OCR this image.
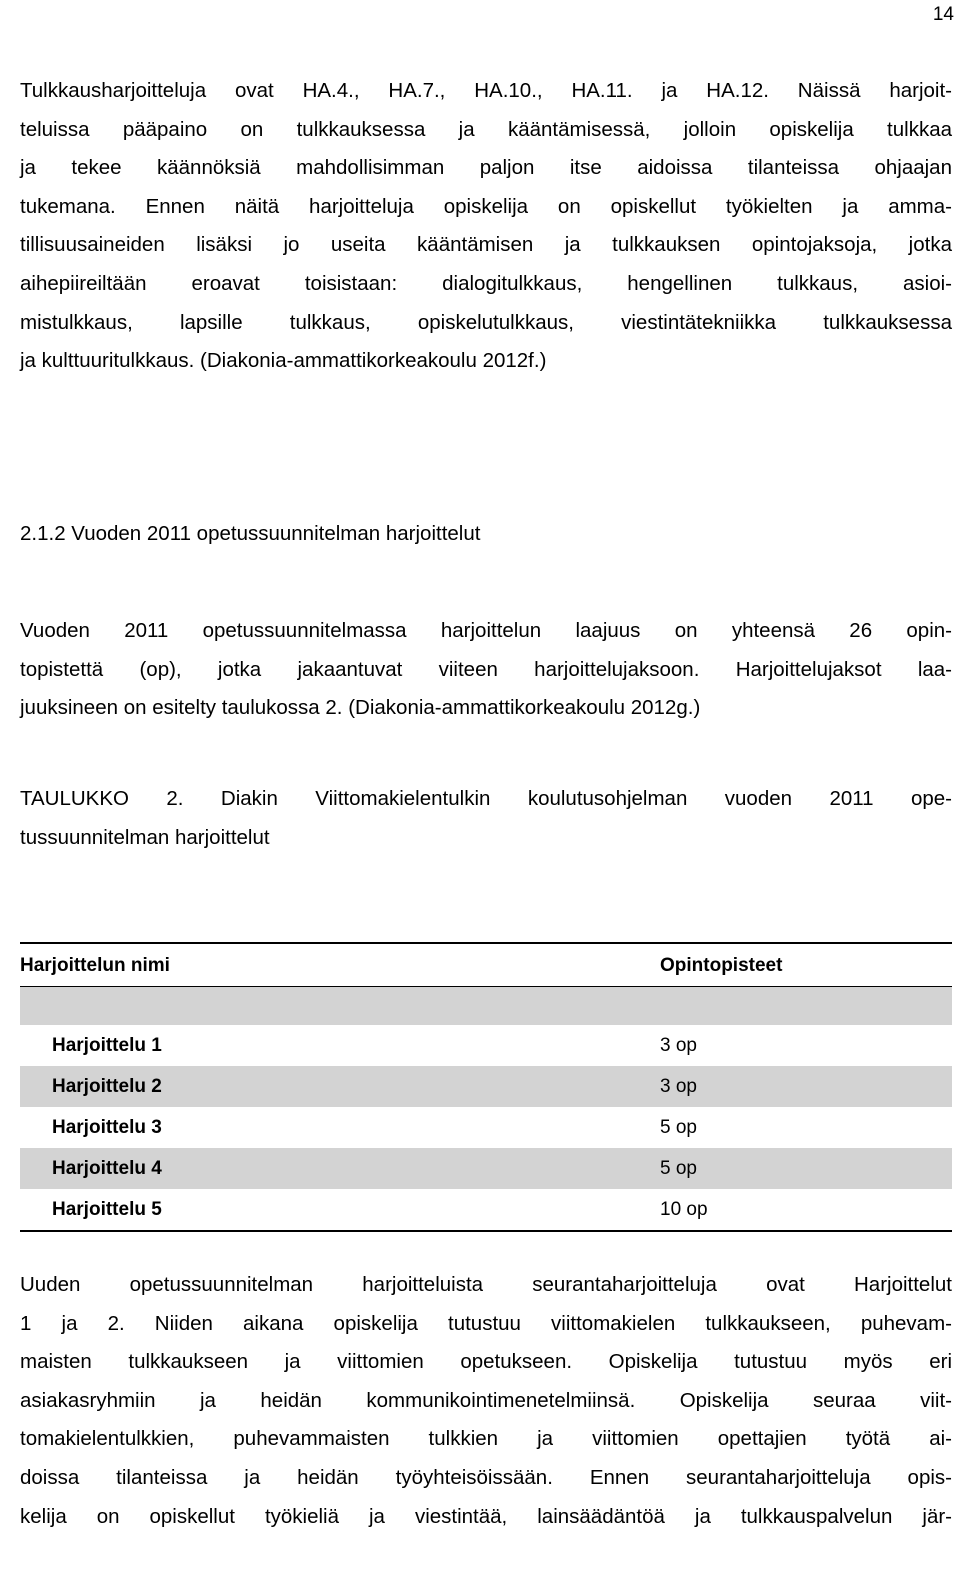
14

Tulkkausharjoitteluja ovat HA.4., HA.7., HA.10., HA.11. ja HA.12. Näissä harjoit-
teluissa pääpaino on tulkkauksessa ja kääntämisessä, jolloin opiskelija tulkkaa
ja tekee käännöksiä mahdollisimman paljon itse aidoissa tilanteissa ohjaajan
tukemana. Ennen näitä harjoitteluja opiskelija on opiskellut työkielten ja amma-
tillisuusaineiden lisäksi jo useita kääntämisen ja tulkkauksen opintojaksoja, jotka
aihepiireiltään eroavat toisistaan: dialogitulkkaus, hengellinen tulkkaus, asioi-
mistulkkaus, lapsille tulkkaus, opiskelutulkkaus, viestintätekniikka tulkkauksessa
ja kulttuuritulkkaus. (Diakonia-ammattikorkeakoulu 2012f.)

2.1.2 Vuoden 2011 opetussuunnitelman harjoittelut

Vuoden 2011 opetussuunnitelmassa harjoittelun laajuus on yhteensä 26 opin-
topistettä (op), jotka jakaantuvat viiteen harjoittelujaksoon. Harjoittelujaksot laa-
juuksineen on esitelty taulukossa 2. (Diakonia-ammattikorkeakoulu 2012g.)

TAULUKKO 2. Diakin Viittomakielentulkin koulutusohjelman vuoden 2011 ope-
tussuunnitelman harjoittelut

Harjoittelun nimi	Opintopisteet

Harjoittelu 1	3 op
Harjoittelu 2	3 op
Harjoittelu 3	5 op
Harjoittelu 4	5 op
Harjoittelu 5	10 op

Uuden opetussuunnitelman harjoitteluista seurantaharjoitteluja ovat Harjoittelut
1 ja 2. Niiden aikana opiskelija tutustuu viittomakielen tulkkaukseen, puhevam-
maisten tulkkaukseen ja viittomien opetukseen. Opiskelija tutustuu myös eri
asiakasryhmiin ja heidän kommunikointimenetelmiinsä. Opiskelija seuraa viit-
tomakielentulkkien, puhevammaisten tulkkien ja viittomien opettajien työtä ai-
doissa tilanteissa ja heidän työyhteisöissään. Ennen seurantaharjoitteluja opis-
kelija on opiskellut työkieliä ja viestintää, lainsäädäntöä ja tulkkauspalvelun jär-
